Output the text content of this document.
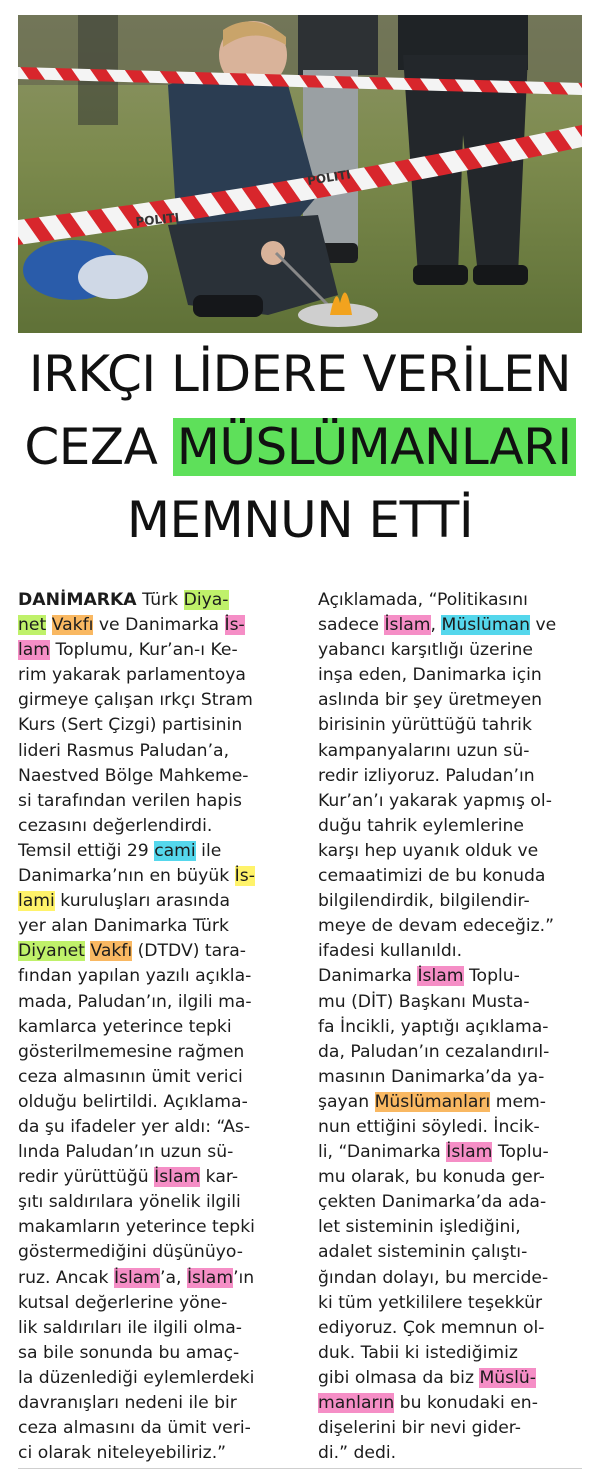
POLITI
POLITI
IRKÇI LİDERE VERİLEN
CEZA MÜSLÜMANLARI
MEMNUN ETTİ

DANİMARKA Türk Diya-
net Vakfı ve Danimarka İs-
lam Toplumu, Kur’an-ı Ke-
rim yakarak parlamentoya
girmeye çalışan ırkçı Stram
Kurs (Sert Çizgi) partisinin
lideri Rasmus Paludan’a,
Naestved Bölge Mahkeme-
si tarafından verilen hapis
cezasını değerlendirdi.
Temsil ettiği 29 cami ile
Danimarka’nın en büyük İs-
lami kuruluşları arasında
yer alan Danimarka Türk
Diyanet Vakfı (DTDV) tara-
fından yapılan yazılı açıkla-
mada, Paludan’ın, ilgili ma-
kamlarca yeterince tepki
gösterilmemesine rağmen
ceza almasının ümit verici
olduğu belirtildi. Açıklama-
da şu ifadeler yer aldı: “As-
lında Paludan’ın uzun sü-
redir yürüttüğü İslam kar-
şıtı saldırılara yönelik ilgili
makamların yeterince tepki
göstermediğini düşünüyo-
ruz. Ancak İslam’a, İslam’ın
kutsal değerlerine yöne-
lik saldırıları ile ilgili olma-
sa bile sonunda bu amaç-
la düzenlediği eylemlerdeki
davranışları nedeni ile bir
ceza almasını da ümit veri-
ci olarak niteleyebiliriz.”

Açıklamada, “Politikasını
sadece İslam, Müslüman ve
yabancı karşıtlığı üzerine
inşa eden, Danimarka için
aslında bir şey üretmeyen
birisinin yürüttüğü tahrik
kampanyalarını uzun sü-
redir izliyoruz. Paludan’ın
Kur’an’ı yakarak yapmış ol-
duğu tahrik eylemlerine
karşı hep uyanık olduk ve
cemaatimizi de bu konuda
bilgilendirdik, bilgilendir-
meye de devam edeceğiz.”
ifadesi kullanıldı.
Danimarka İslam Toplu-
mu (DİT) Başkanı Musta-
fa İncikli, yaptığı açıklama-
da, Paludan’ın cezalandırıl-
masının Danimarka’da ya-
şayan Müslümanları mem-
nun ettiğini söyledi. İncik-
li, “Danimarka İslam Toplu-
mu olarak, bu konuda ger-
çekten Danimarka’da ada-
let sisteminin işlediğini,
adalet sisteminin çalıştı-
ğından dolayı, bu mercide-
ki tüm yetkililere teşekkür
ediyoruz. Çok memnun ol-
duk. Tabii ki istediğimiz
gibi olmasa da biz Müslü-
manların bu konudaki en-
dişelerini bir nevi gider-
di.” dedi.
